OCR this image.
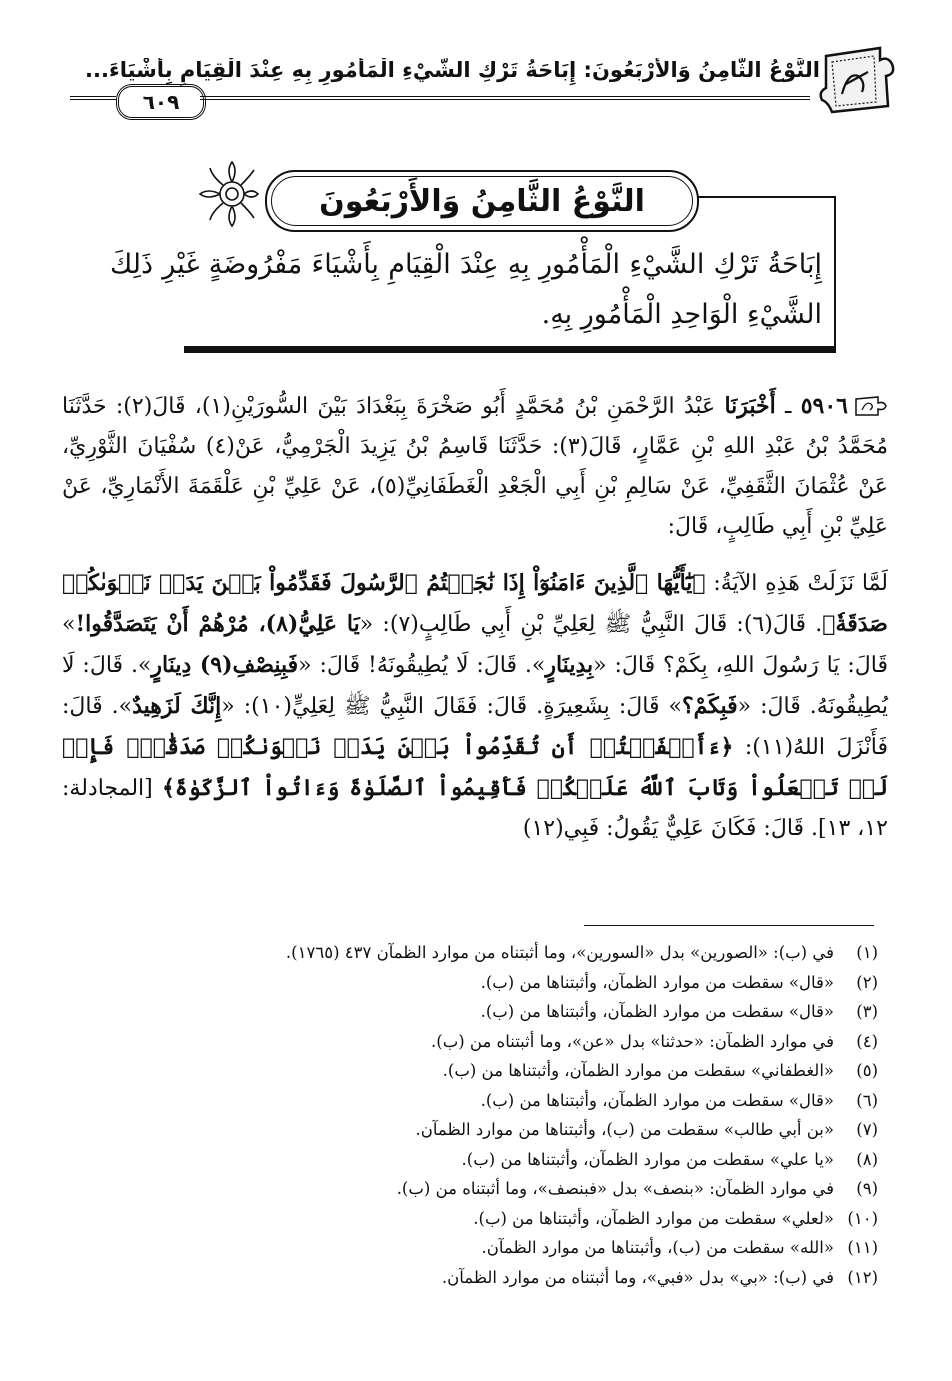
النَّوْعُ الثَّامِنُ وَالأَرْبَعُونَ: إِبَاحَةُ تَرْكِ الشَّيْءِ الْمَأْمُورِ بِهِ عِنْدَ الْقِيَامِ بِأَشْيَاءَ...
٦٠٩
النَّوْعُ الثَّامِنُ وَالأَرْبَعُونَ
إِبَاحَةُ تَرْكِ الشَّيْءِ الْمَأْمُورِ بِهِ عِنْدَ الْقِيَامِ بِأَشْيَاءَ مَفْرُوضَةٍ غَيْرِ ذَلِكَ الشَّيْءِ الْوَاحِدِ الْمَأْمُورِ بِهِ.

٥٩٠٦ ـ أَخْبَرَنَا عَبْدُ الرَّحْمَنِ بْنُ مُحَمَّدٍ أَبُو صَخْرَةَ بِبَغْدَادَ بَيْنَ السُّورَيْنِ(١)، قَالَ(٢): حَدَّثَنَا مُحَمَّدُ بْنُ عَبْدِ اللهِ بْنِ عَمَّارٍ، قَالَ(٣): حَدَّثَنَا قَاسِمُ بْنُ يَزِيدَ الْجَرْمِيُّ، عَنْ(٤) سُفْيَانَ الثَّوْرِيِّ، عَنْ عُثْمَانَ الثَّقَفِيِّ، عَنْ سَالِمِ بْنِ أَبِي الْجَعْدِ الْغَطَفَانِيِّ(٥)، عَنْ عَلِيِّ بْنِ عَلْقَمَةَ الأَنْمَارِيِّ، عَنْ عَلِيِّ بْنِ أَبِي طَالِبٍ، قَالَ:

لَمَّا نَزَلَتْ هَذِهِ الآيَةُ: ﴿يَٰٓأَيُّهَا ٱلَّذِينَ ءَامَنُوٓاْ إِذَا نَٰجَيۡتُمُ ٱلرَّسُولَ فَقَدِّمُواْ بَيۡنَ يَدَيۡ نَجۡوَىٰكُمۡ صَدَقَةٗ﴾. قَالَ(٦): قَالَ النَّبِيُّ ﷺ لِعَلِيِّ بْنِ أَبِي طَالِبٍ(٧): «يَا عَلِيُّ(٨)، مُرْهُمْ أَنْ يَتَصَدَّقُوا!» قَالَ: يَا رَسُولَ اللهِ، بِكَمْ؟ قَالَ: «بِدِينَارٍ». قَالَ: لَا يُطِيقُونَهُ! قَالَ: «فَبِنِصْفِ(٩) دِينَارٍ». قَالَ: لَا يُطِيقُونَهُ. قَالَ: «فَبِكَمْ؟» قَالَ: بِشَعِيرَةٍ. قَالَ: فَقَالَ النَّبِيُّ ﷺ لِعَلِيٍّ(١٠): «إِنَّكَ لَزَهِيدٌ». قَالَ: فَأَنْزَلَ اللهُ(١١): ﴿ءَأَشۡفَقۡتُمۡ أَن تُقَدِّمُواْ بَيۡنَ يَدَيۡ نَجۡوَىٰكُمۡ صَدَقَٰتٖۚ فَإِذۡ لَمۡ تَفۡعَلُواْ وَتَابَ ٱللَّهُ عَلَيۡكُمۡ فَأَقِيمُواْ ٱلصَّلَوٰةَ وَءَاتُواْ ٱلزَّكَوٰةَ﴾ [المجادلة: ١٢، ١٣]. قَالَ: فَكَانَ عَلِيٌّ يَقُولُ: فَبِي(١٢)

(١)في (ب): «الصورين» بدل «السورين»، وما أثبتناه من موارد الظمآن ٤٣٧ (١٧٦٥).
(٢)«قال» سقطت من موارد الظمآن، وأثبتناها من (ب).
(٣)«قال» سقطت من موارد الظمآن، وأثبتناها من (ب).
(٤)في موارد الظمآن: «حدثنا» بدل «عن»، وما أثبتناه من (ب).
(٥)«الغطفاني» سقطت من موارد الظمآن، وأثبتناها من (ب).
(٦)«قال» سقطت من موارد الظمآن، وأثبتناها من (ب).
(٧)«بن أبي طالب» سقطت من (ب)، وأثبتناها من موارد الظمآن.
(٨)«يا علي» سقطت من موارد الظمآن، وأثبتناها من (ب).
(٩)في موارد الظمآن: «بنصف» بدل «فبنصف»، وما أثبتناه من (ب).
(١٠)«لعلي» سقطت من موارد الظمآن، وأثبتناها من (ب).
(١١)«الله» سقطت من (ب)، وأثبتناها من موارد الظمآن.
(١٢)في (ب): «بي» بدل «فبي»، وما أثبتناه من موارد الظمآن.
